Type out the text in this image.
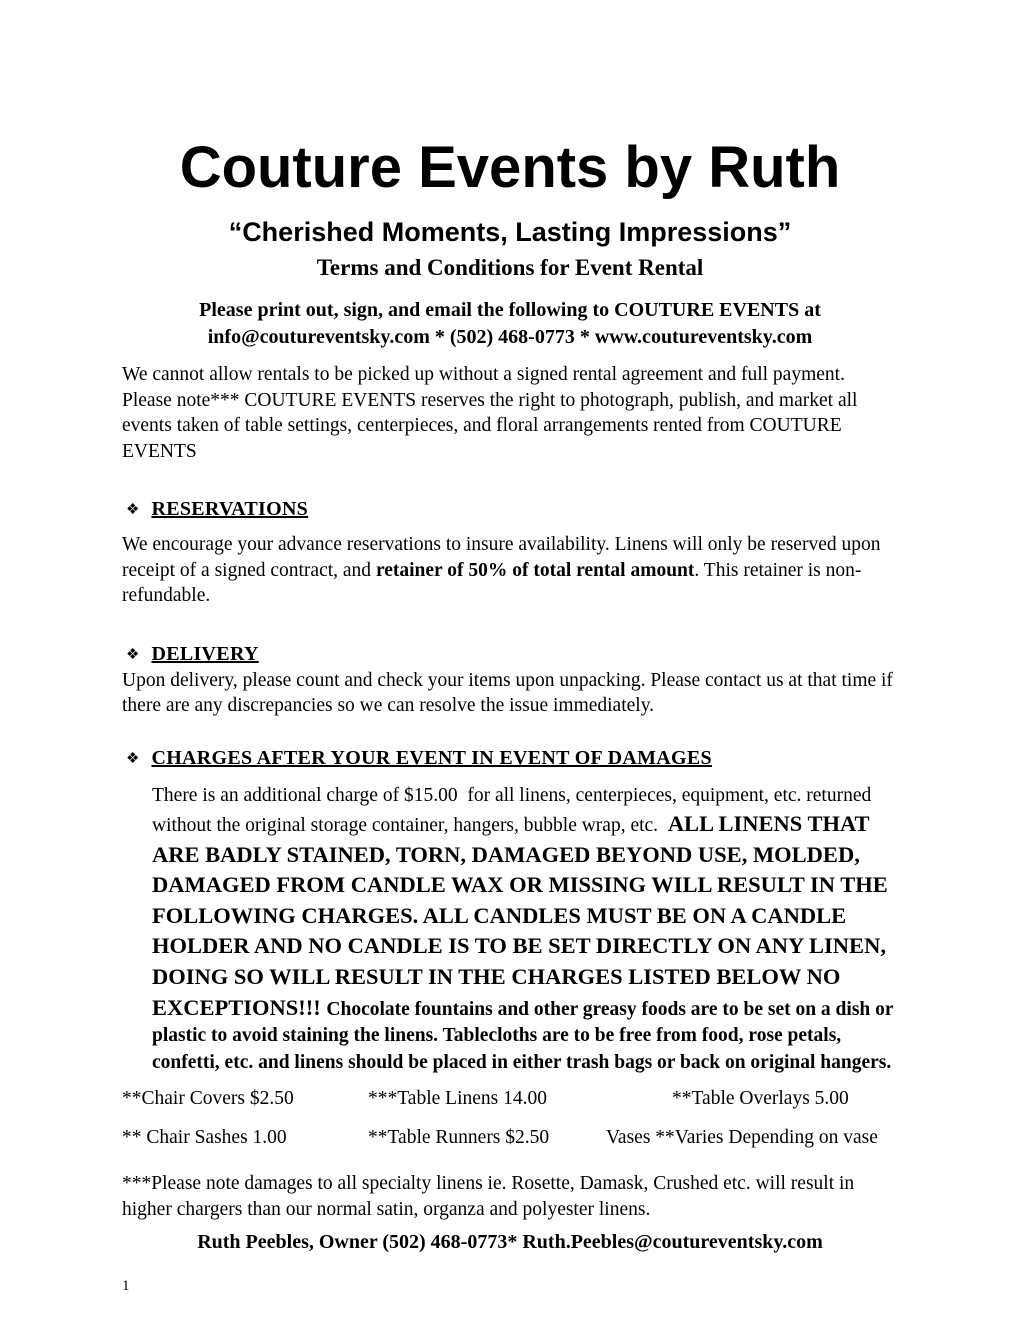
Couture Events by Ruth
“Cherished Moments, Lasting Impressions”
Terms and Conditions for Event Rental
Please print out, sign, and email the following to COUTURE EVENTS at
info@coutureventsky.com * (502) 468-0773 * www.coutureventsky.com
We cannot allow rentals to be picked up without a signed rental agreement and full payment. Please note*** COUTURE EVENTS reserves the right to photograph, publish, and market all events taken of table settings, centerpieces, and floral arrangements rented from COUTURE EVENTS
❖ RESERVATIONS
We encourage your advance reservations to insure availability. Linens will only be reserved upon receipt of a signed contract, and retainer of 50% of total rental amount. This retainer is non-refundable.
❖ DELIVERY
Upon delivery, please count and check your items upon unpacking. Please contact us at that time if there are any discrepancies so we can resolve the issue immediately.
❖ CHARGES AFTER YOUR EVENT IN EVENT OF DAMAGES
There is an additional charge of $15.00  for all linens, centerpieces, equipment, etc. returned without the original storage container, hangers, bubble wrap, etc.  ALL LINENS THAT ARE BADLY STAINED, TORN, DAMAGED BEYOND USE, MOLDED, DAMAGED FROM CANDLE WAX OR MISSING WILL RESULT IN THE FOLLOWING CHARGES. ALL CANDLES MUST BE ON A CANDLE HOLDER AND NO CANDLE IS TO BE SET DIRECTLY ON ANY LINEN, DOING SO WILL RESULT IN THE CHARGES LISTED BELOW NO EXCEPTIONS!!! Chocolate fountains and other greasy foods are to be set on a dish or plastic to avoid staining the linens. Tablecloths are to be free from food, rose petals, confetti, etc. and linens should be placed in either trash bags or back on original hangers.
**Chair Covers $2.50	***Table Linens 14.00	**Table Overlays 5.00
** Chair Sashes 1.00	**Table Runners $2.50	Vases **Varies Depending on vase
***Please note damages to all specialty linens ie. Rosette, Damask, Crushed etc. will result in higher chargers than our normal satin, organza and polyester linens.
Ruth Peebles, Owner (502) 468-0773* Ruth.Peebles@coutureventsky.com
1
